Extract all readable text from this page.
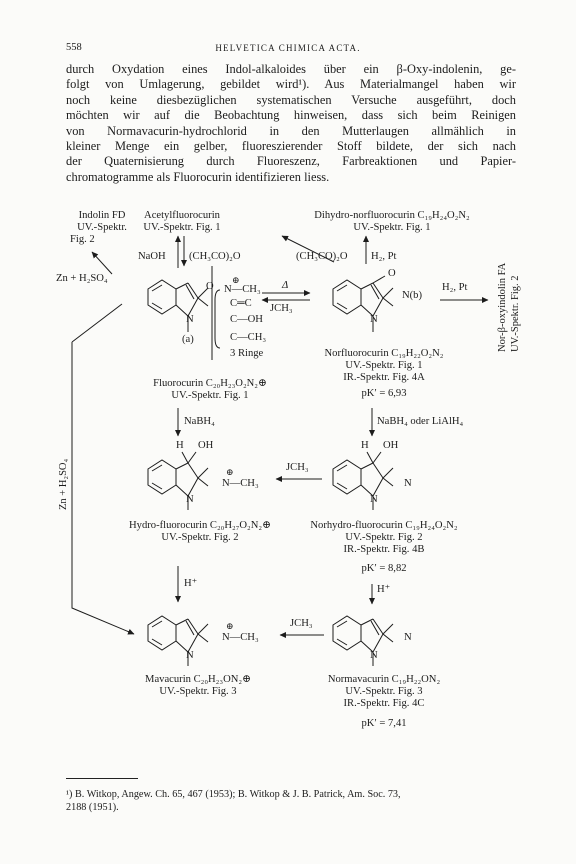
558	HELVETICA CHIMICA ACTA.
durch Oxydation eines Indol-alkaloides über ein β-Oxy-indolenin, ge-
folgt von Umlagerung, gebildet wird¹). Aus Materialmangel haben wir
noch keine diesbezüglichen systematischen Versuche ausgeführt, doch
möchten wir auf die Beobachtung hinweisen, dass sich beim Reinigen
von Normavacurin-hydrochlorid in den Mutterlaugen allmählich in
kleiner Menge ein gelber, fluoreszierender Stoff bildete, der sich nach
der Quaternisierung durch Fluoreszenz, Farbreaktionen und Papier-
chromatogramme als Fluorocurin identifizieren liess.
Indolin FD
UV.-Spektr.
Fig. 2
Acetylfluorocurin
UV.-Spektr. Fig. 1
Dihydro-norfluorocurin C₁₉H₂₄O₂N₂
UV.-Spektr. Fig. 1
NaOH (CH₃CO)₂O	(CH₃CO)₂O H₂, Pt
H₂, Pt
Zn + H₂SO₄
Δ
JCH₃
NaBH₄	NaBH₄ oder LiAlH₄
JCH₃
H⁺
H⁺
JCH₃
Zn + H₂SO₄
Nor-β-oxyindolin FA UV.-Spektr. Fig. 2
O
N
(a)
⊕
N—CH₃
C═C
C—OH
C—CH₃
3 Ringe
O
N
N(b)
H OH
N
⊕
N—CH₃
H OH
N
N
N
⊕
N—CH₃
N
N
Fluorocurin C₂₀H₂₃O₂N₂⊕
UV.-Spektr. Fig. 1
Norfluorocurin C₁₉H₂₂O₂N₂
UV.-Spektr. Fig. 1
IR.-Spektr. Fig. 4A
pK′ = 6,93
Hydro-fluorocurin C₂₀H₂₇O₂N₂⊕
UV.-Spektr. Fig. 2
Norhydro-fluorocurin C₁₉H₂₄O₂N₂
UV.-Spektr. Fig. 2
IR.-Spektr. Fig. 4B
pK′ = 8,82
Mavacurin C₂₀H₂₃ON₂⊕
UV.-Spektr. Fig. 3
Normavacurin C₁₉H₂₂ON₂
UV.-Spektr. Fig. 3
IR.-Spektr. Fig. 4C
pK′ = 7,41
¹) B. Witkop, Angew. Ch. 65, 467 (1953); B. Witkop & J. B. Patrick, Am. Soc. 73,
2188 (1951).
